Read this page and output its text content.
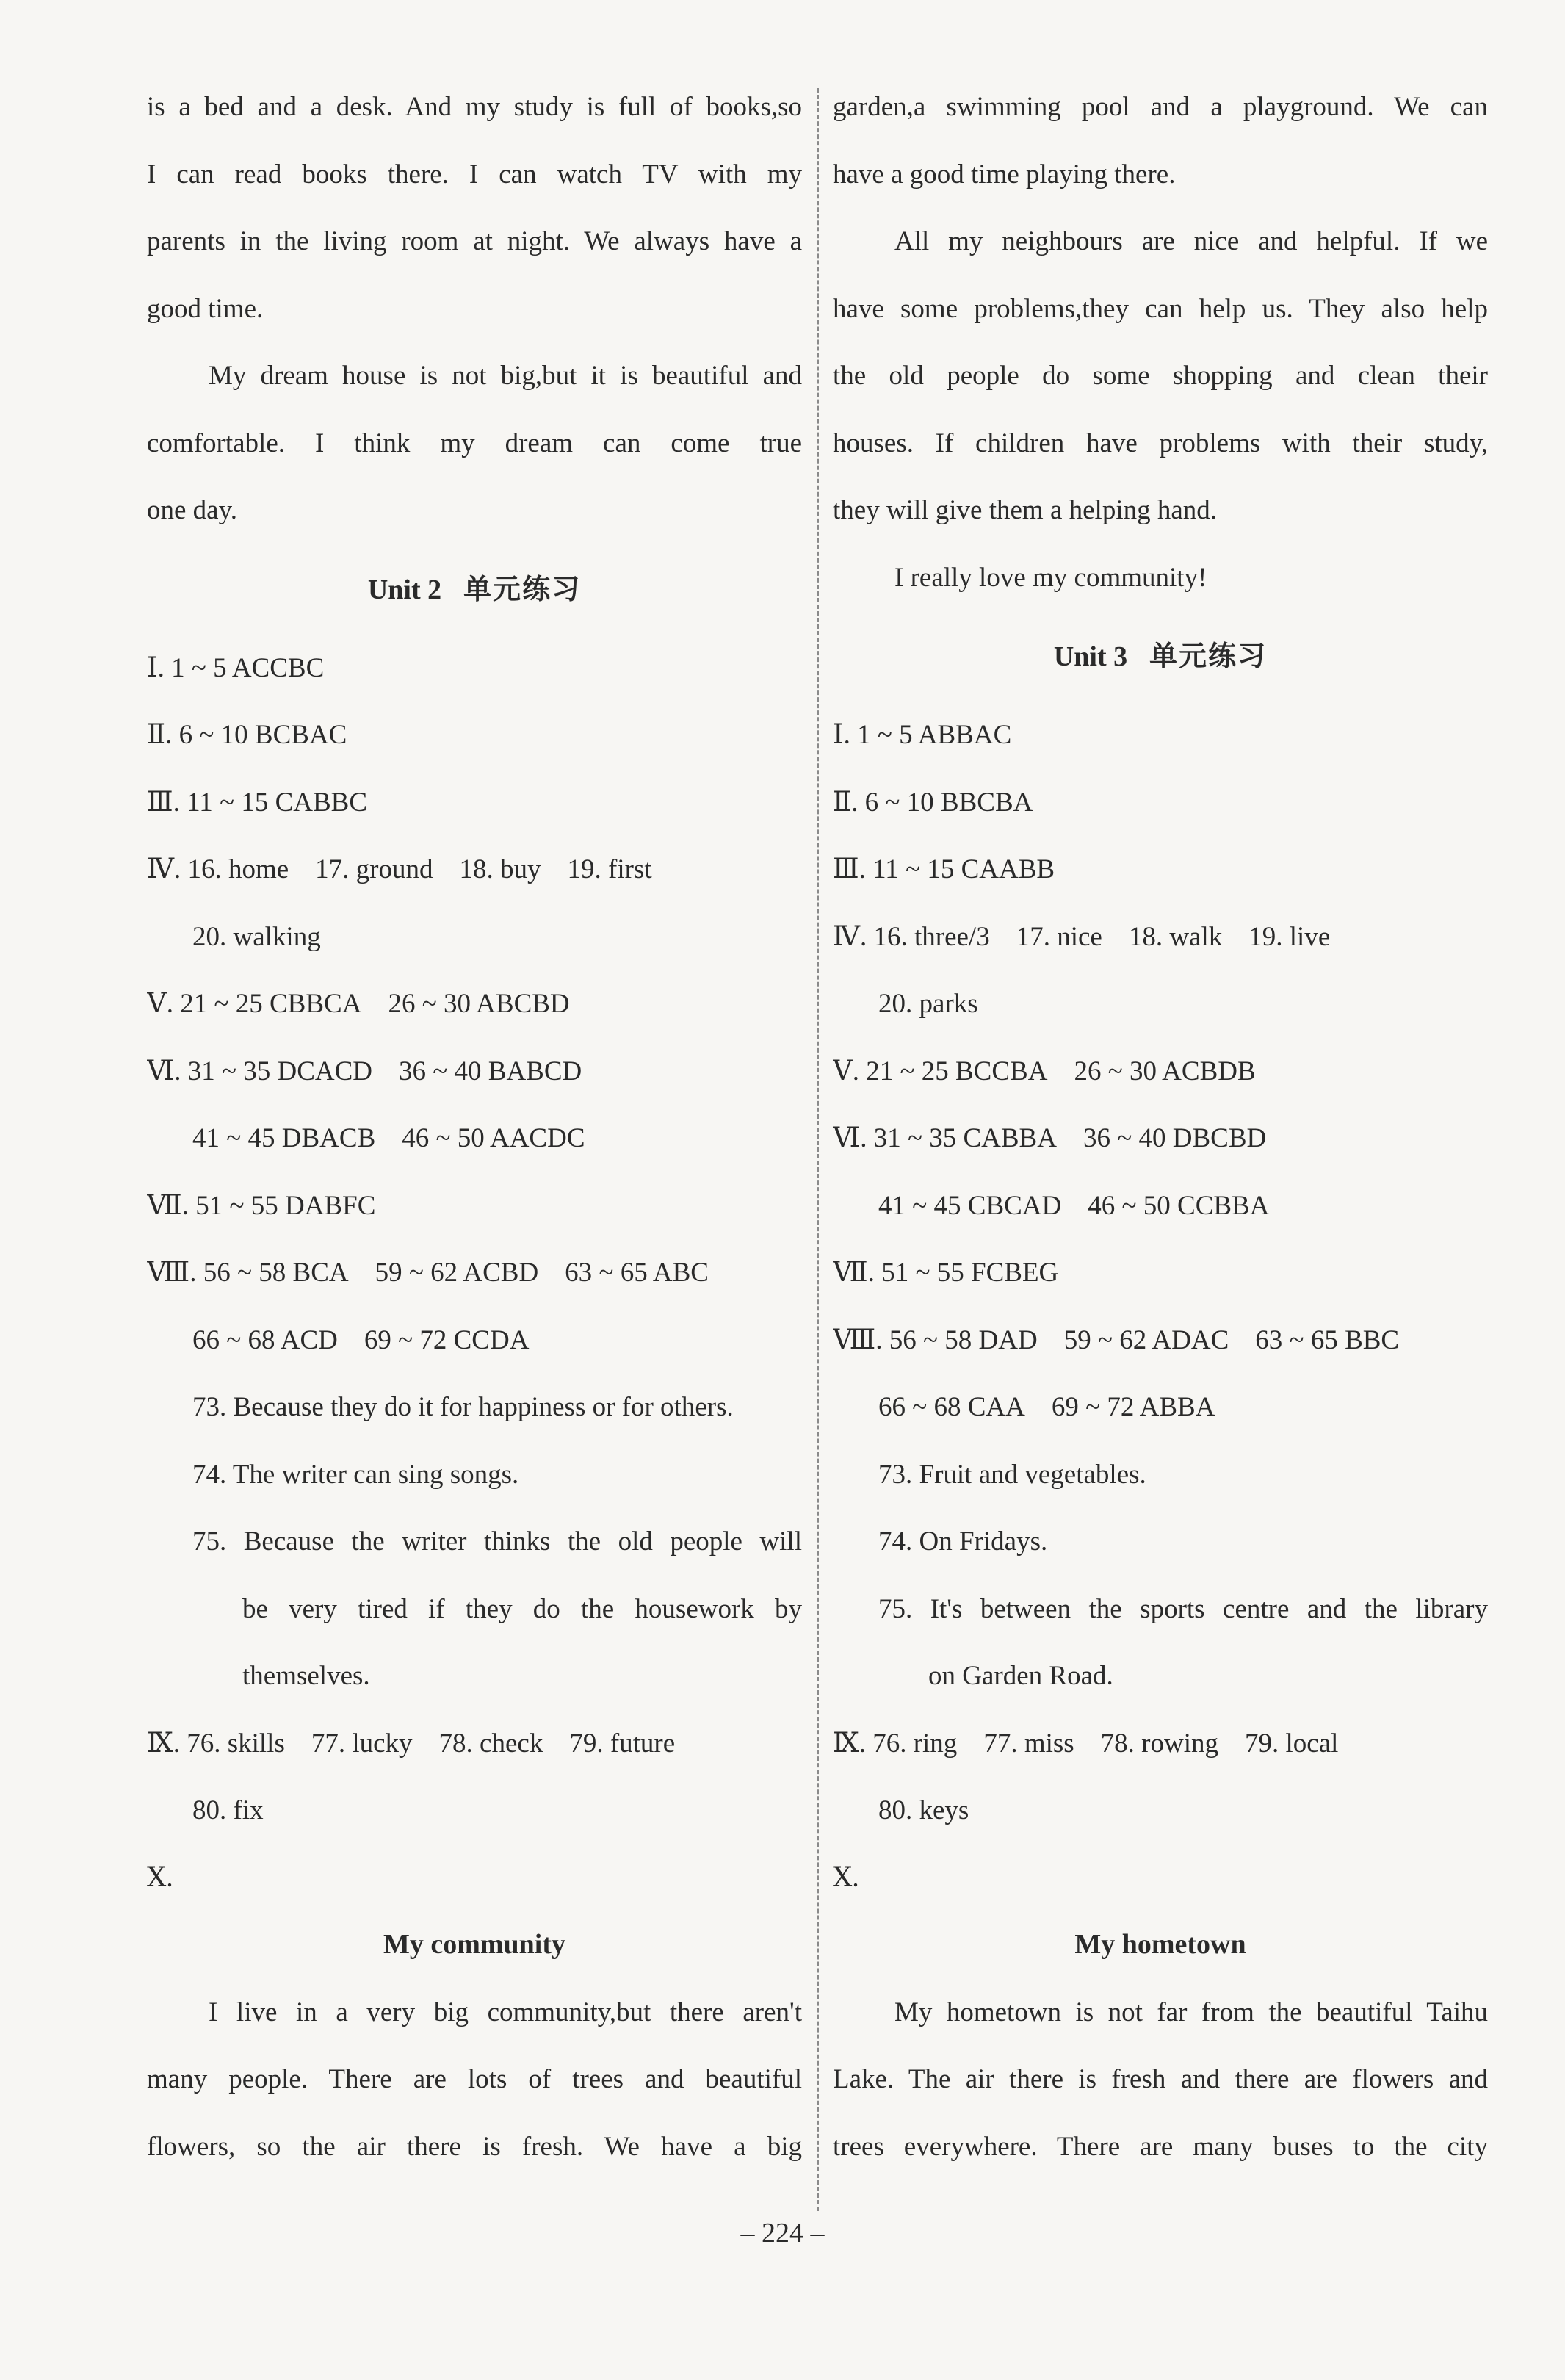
is a bed and a desk. And my study is full of books,so
I can read books there. I can watch TV with my
parents in the living room at night. We always have a
good time.
My dream house is not big,but it is beautiful and
comfortable. I think my dream can come true
one day.
Unit 2 单元练习
Ⅰ. 1 ~ 5 ACCBC
Ⅱ. 6 ~ 10 BCBAC
Ⅲ. 11 ~ 15 CABBC
Ⅳ. 16. home 17. ground 18. buy 19. first
20. walking
Ⅴ. 21 ~ 25 CBBCA 26 ~ 30 ABCBD
Ⅵ. 31 ~ 35 DCACD 36 ~ 40 BABCD
41 ~ 45 DBACB 46 ~ 50 AACDC
Ⅶ. 51 ~ 55 DABFC
Ⅷ. 56 ~ 58 BCA 59 ~ 62 ACBD 63 ~ 65 ABC
66 ~ 68 ACD 69 ~ 72 CCDA
73. Because they do it for happiness or for others.
74. The writer can sing songs.
75. Because the writer thinks the old people will
be very tired if they do the housework by
themselves.
Ⅸ. 76. skills 77. lucky 78. check 79. future
80. fix
Ⅹ.
My community
I live in a very big community,but there aren't
many people. There are lots of trees and beautiful
flowers, so the air there is fresh. We have a big
garden,a swimming pool and a playground. We can
have a good time playing there.
All my neighbours are nice and helpful. If we
have some problems,they can help us. They also help
the old people do some shopping and clean their
houses. If children have problems with their study,
they will give them a helping hand.
I really love my community!
Unit 3 单元练习
Ⅰ. 1 ~ 5 ABBAC
Ⅱ. 6 ~ 10 BBCBA
Ⅲ. 11 ~ 15 CAABB
Ⅳ. 16. three/3 17. nice 18. walk 19. live
20. parks
Ⅴ. 21 ~ 25 BCCBA 26 ~ 30 ACBDB
Ⅵ. 31 ~ 35 CABBA 36 ~ 40 DBCBD
41 ~ 45 CBCAD 46 ~ 50 CCBBA
Ⅶ. 51 ~ 55 FCBEG
Ⅷ. 56 ~ 58 DAD 59 ~ 62 ADAC 63 ~ 65 BBC
66 ~ 68 CAA 69 ~ 72 ABBA
73. Fruit and vegetables.
74. On Fridays.
75. It's between the sports centre and the library
on Garden Road.
Ⅸ. 76. ring 77. miss 78. rowing 79. local
80. keys
Ⅹ.
My hometown
My hometown is not far from the beautiful Taihu
Lake. The air there is fresh and there are flowers and
trees everywhere. There are many buses to the city
– 224 –
